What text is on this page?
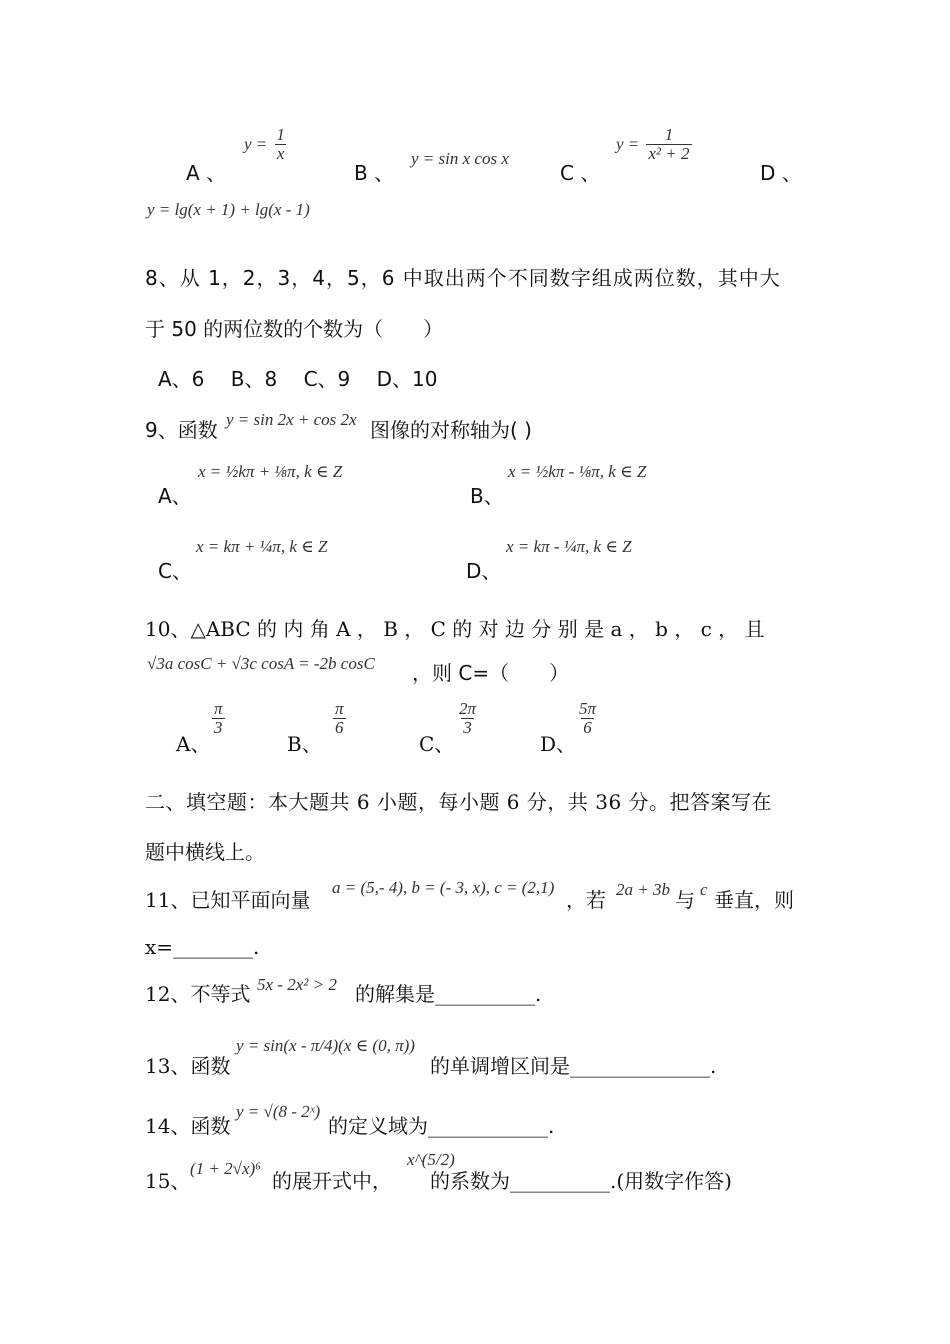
A 、
$y = \frac{1}{x}$
B 、
y = sin x cos x
C 、
$y = \frac{1}{\text{x² + 2}}$
D 、
y = lg(x + 1) + lg(x - 1)
8、从 1，2，3，4，5，6 中取出两个不同数字组成两位数，其中大
于 50 的两位数的个数为（　　）
A、6　 B、8　 C、9　 D、10
9、函数 y = sin 2x + cos 2x 图像的对称轴为( )
A、
x = ½kπ + ⅛π, k ∈ Z
B、
x = ½kπ - ⅛π, k ∈ Z
C、
x = kπ + ¼π, k ∈ Z
D、
x = kπ - ¼π, k ∈ Z
10、△ABC 的 内 角 A ， B ， C 的 对 边 分 别 是 a ， b ， c ， 且
√3a cosC + √3c cosA = -2b cosC ，则 C=（　　）
A、
$\frac{\pi}{3}$
B、
$\frac{\pi}{6}$
C、
$\frac{2\pi}{3}$
D、
$\frac{5\pi}{6}$
二、填空题：本大题共 6 小题，每小题 6 分，共 36 分。把答案写在
题中横线上。
11、已知平面向量
a = (5,- 4), b = (- 3, x), c = (2,1)
，若 2a + 3b 与 c 垂直，则
x=________.
12、不等式 5x - 2x² > 2 的解集是__________.
13、函数
y = sin(x - π/4)(x ∈ (0, π))
的单调增区间是______________.
14、函数
y = √(8 - 2ˣ)
的定义域为____________.
15、
(1 + 2√x)⁶
的展开式中，
x^(5/2)
的系数为__________.(用数字作答)
